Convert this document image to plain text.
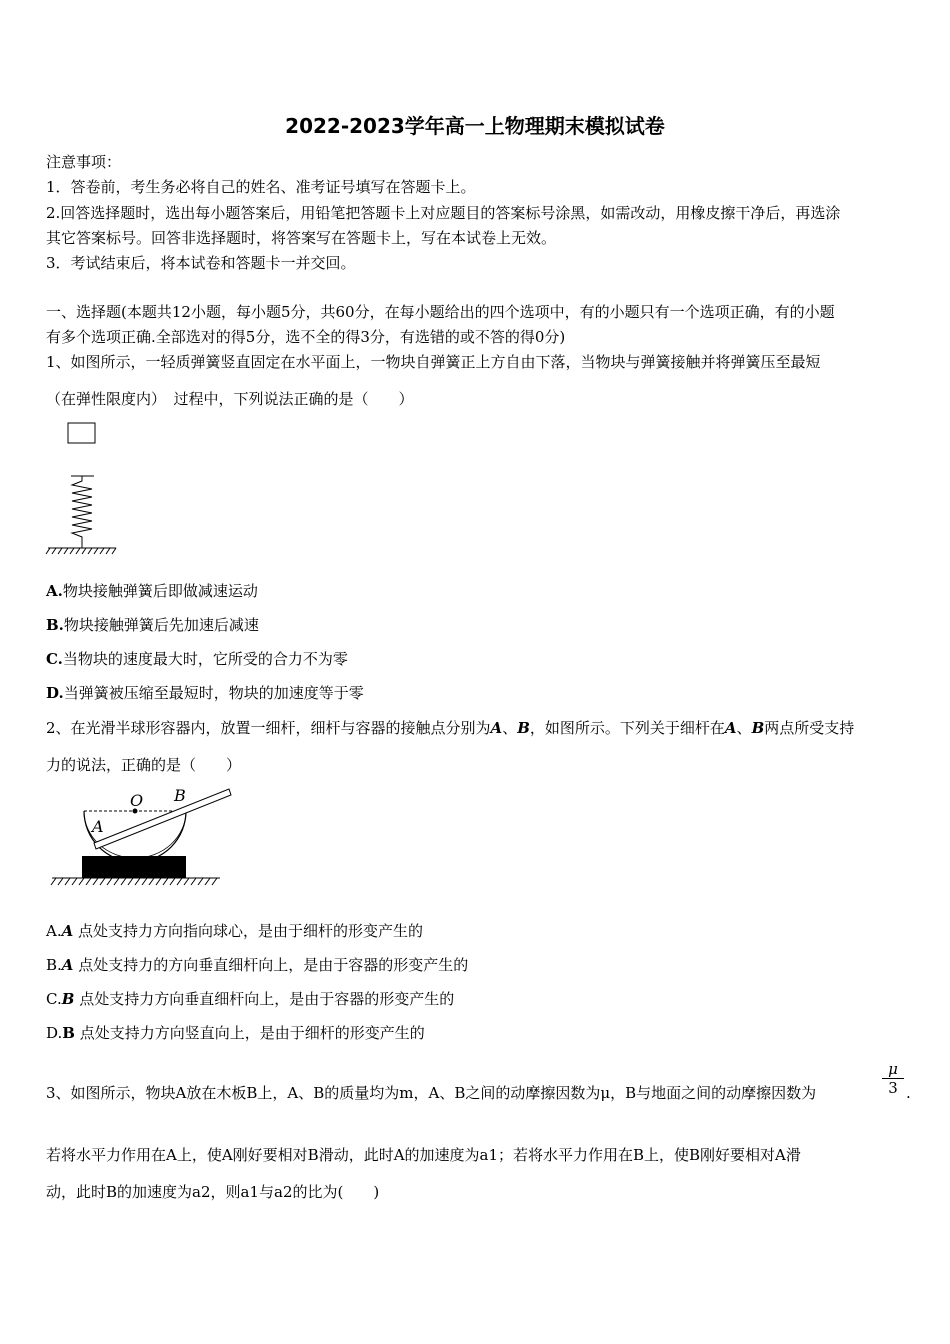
2022-2023学年高一上物理期末模拟试卷
注意事项：
1．答卷前，考生务必将自己的姓名、准考证号填写在答题卡上。
2.回答选择题时，选出每小题答案后，用铅笔把答题卡上对应题目的答案标号涂黑，如需改动，用橡皮擦干净后，再选涂
其它答案标号。回答非选择题时，将答案写在答题卡上，写在本试卷上无效。
3．考试结束后，将本试卷和答题卡一并交回。
一、选择题(本题共12小题，每小题5分，共60分，在每小题给出的四个选项中，有的小题只有一个选项正确，有的小题
有多个选项正确.全部选对的得5分，选不全的得3分，有选错的或不答的得0分)
1、如图所示，一轻质弹簧竖直固定在水平面上，一物块自弹簧正上方自由下落，当物块与弹簧接触并将弹簧压至最短
（在弹性限度内）　过程中，下列说法正确的是（　　）
A.物块接触弹簧后即做减速运动
B.物块接触弹簧后先加速后减速
C.当物块的速度最大时，它所受的合力不为零
D.当弹簧被压缩至最短时，物块的加速度等于零
2、在光滑半球形容器内，放置一细杆，细杆与容器的接触点分别为A、B，如图所示。下列关于细杆在A、B两点所受支持
力的说法，正确的是（　　）
O B
A
A.A 点处支持力方向指向球心，是由于细杆的形变产生的
B.A 点处支持力的方向垂直细杆向上，是由于容器的形变产生的
C.B 点处支持力方向垂直细杆向上，是由于容器的形变产生的
D.B 点处支持力方向竖直向上，是由于细杆的形变产生的
3、如图所示，物块A放在木板B上，A、B的质量均为m，A、B之间的动摩擦因数为μ，B与地面之间的动摩擦因数为	$\frac{\mu}{3}$ .
若将水平力作用在A上，使A刚好要相对B滑动，此时A的加速度为a1；若将水平力作用在B上，使B刚好要相对A滑
动，此时B的加速度为a2，则a1与a2的比为(　　)
